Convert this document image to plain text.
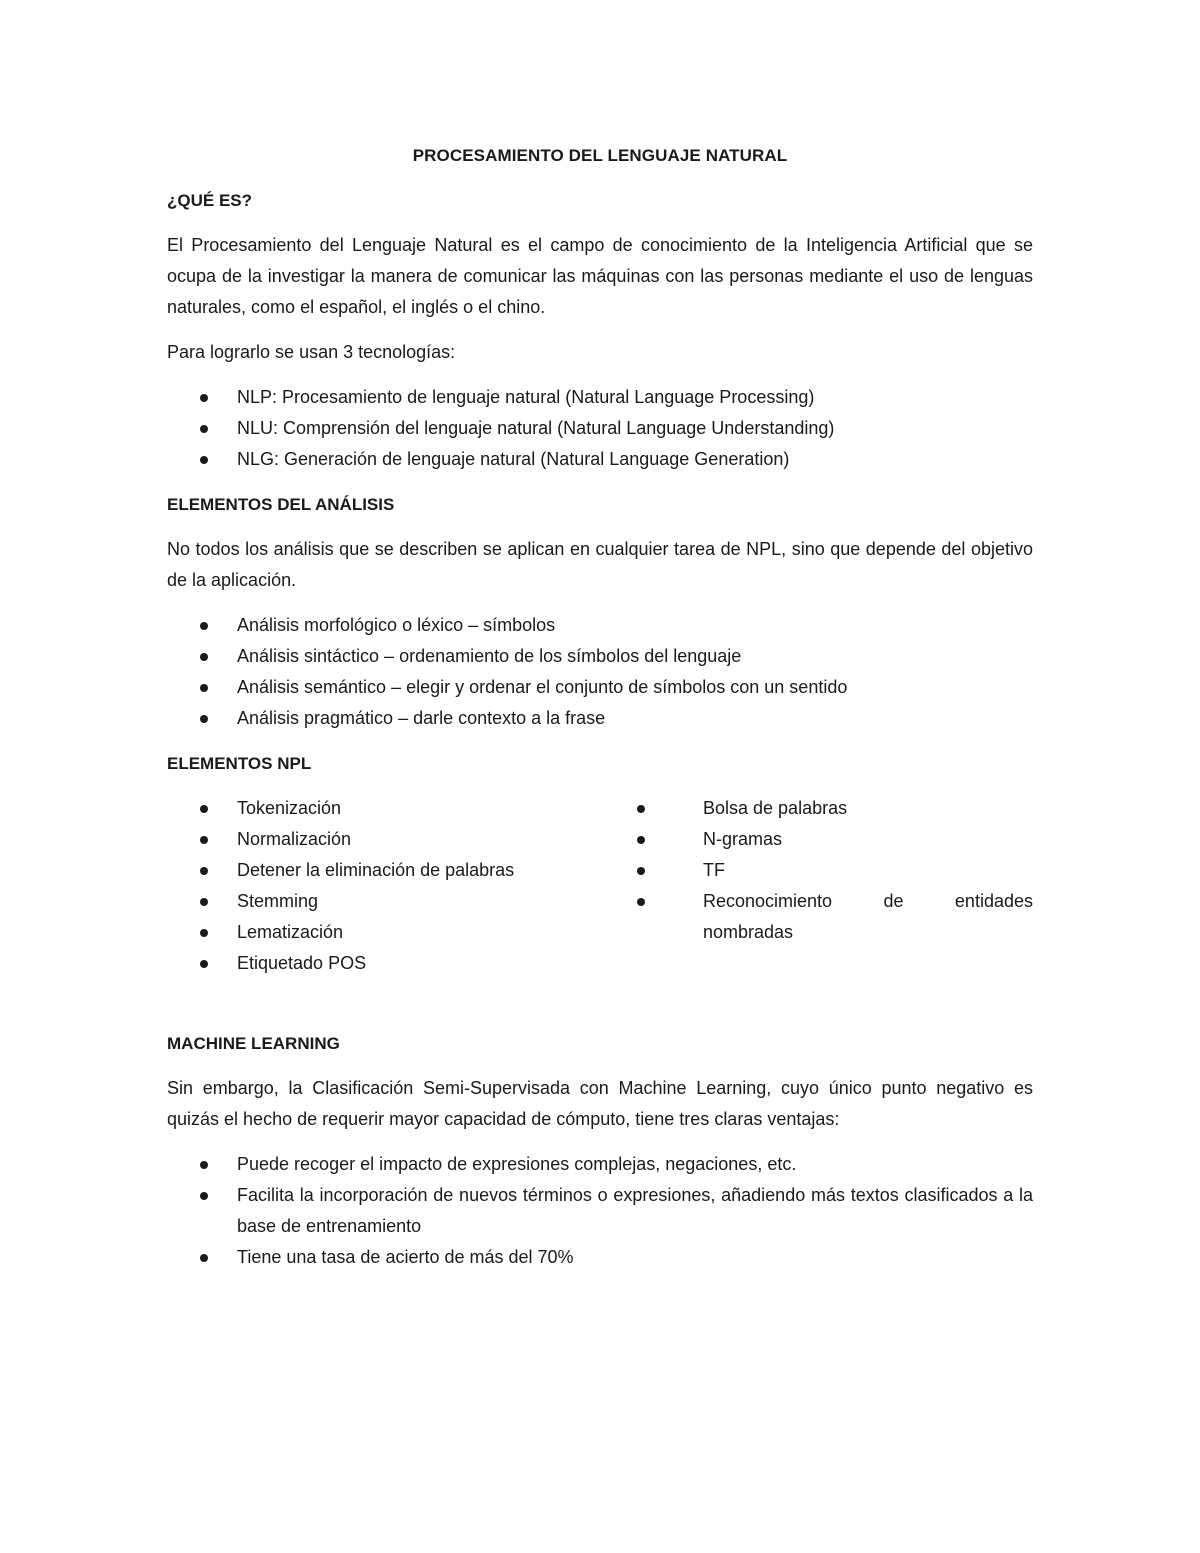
PROCESAMIENTO DEL LENGUAJE NATURAL
¿QUÉ ES?

El Procesamiento del Lenguaje Natural es el campo de conocimiento de la Inteligencia Artificial que se ocupa de la investigar la manera de comunicar las máquinas con las personas mediante el uso de lenguas naturales, como el español, el inglés o el chino.

Para lograrlo se usan 3 tecnologías:

NLP: Procesamiento de lenguaje natural (Natural Language Processing)
NLU: Comprensión del lenguaje natural (Natural Language Understanding)
NLG: Generación de lenguaje natural (Natural Language Generation)
ELEMENTOS DEL ANÁLISIS

No todos los análisis que se describen se aplican en cualquier tarea de NPL, sino que depende del objetivo de la aplicación.

Análisis morfológico o léxico – símbolos
Análisis sintáctico – ordenamiento de los símbolos del lenguaje
Análisis semántico – elegir y ordenar el conjunto de símbolos con un sentido
Análisis pragmático – darle contexto a la frase
ELEMENTOS NPL
Tokenización
Normalización
Detener la eliminación de palabras
Stemming
Lematización
Etiquetado POS
Bolsa de palabras
N-gramas
TF
Reconocimiento	de	entidades
nombradas
MACHINE LEARNING

Sin embargo, la Clasificación Semi-Supervisada con Machine Learning, cuyo único punto negativo es quizás el hecho de requerir mayor capacidad de cómputo, tiene tres claras ventajas:

Puede recoger el impacto de expresiones complejas, negaciones, etc.
Facilita la incorporación de nuevos términos o expresiones, añadiendo más textos clasificados a la base de entrenamiento
Tiene una tasa de acierto de más del 70%
